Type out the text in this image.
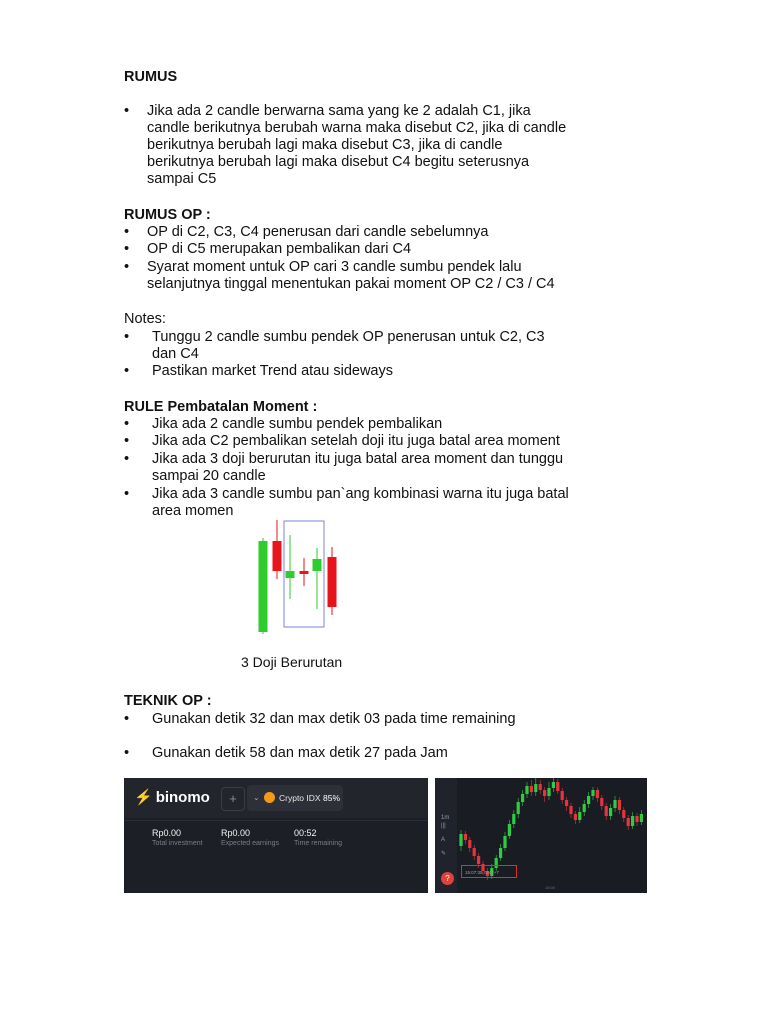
RUMUS
• Jika ada 2 candle berwarna sama yang ke 2 adalah C1, jika
candle berikutnya berubah warna maka disebut C2, jika di candle
berikutnya berubah lagi maka disebut C3, jika di candle
berikutnya berubah lagi maka disebut C4 begitu seterusnya
sampai C5
RUMUS OP :
• OP di C2, C3, C4 penerusan dari candle sebelumnya
• OP di C5 merupakan pembalikan dari C4
• Syarat moment untuk OP cari 3 candle sumbu pendek lalu
selanjutnya tinggal menentukan pakai moment OP C2 / C3 / C4
Notes:
• Tunggu 2 candle sumbu pendek OP penerusan untuk C2, C3
dan C4
• Pastikan market Trend atau sideways
RULE Pembatalan Moment :
• Jika ada 2 candle sumbu pendek pembalikan
• Jika ada C2 pembalikan setelah doji itu juga batal area moment
• Jika ada 3 doji berurutan itu juga batal area moment dan tunggu
sampai 20 candle
• Jika ada 3 candle sumbu pan`ang kombinasi warna itu juga batal
area momen
3 Doji Berurutan
TEKNIK OP :
• Gunakan detik 32 dan max detik 03 pada time remaining
• Gunakan detik 58 dan max detik 27 pada Jam
⚡ binomo	+	⌄ Crypto IDX 85%
Rp0.00
Total investment
Rp0.00
Expected earnings
00:52
Time remaining
1m
|||
A
✎
?
15:07:35 GMT+7
15:00
